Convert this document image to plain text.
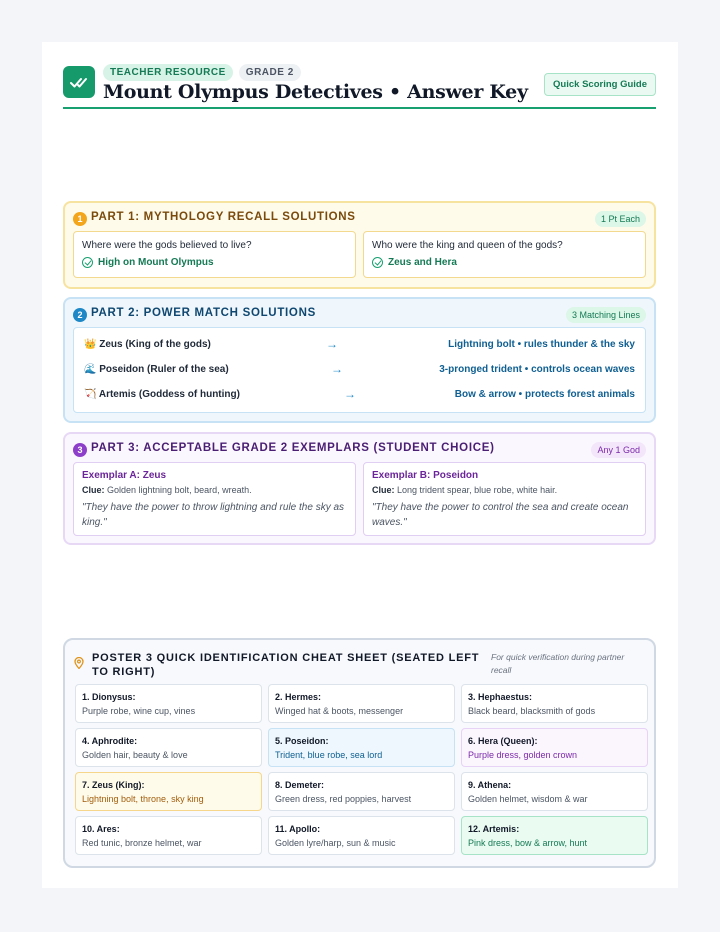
TEACHER RESOURCE	GRADE 2
Mount Olympus Detectives • Answer Key	Quick Scoring Guide
1 PART 1: MYTHOLOGY RECALL SOLUTIONS	1 Pt Each
Where were the gods believed to live?
High on Mount Olympus
Who were the king and queen of the gods?
Zeus and Hera
2 PART 2: POWER MATCH SOLUTIONS	3 Matching Lines
👑 Zeus (King of the gods)	→	Lightning bolt • rules thunder & the sky
🌊 Poseidon (Ruler of the sea)	→	3-pronged trident • controls ocean waves
🏹 Artemis (Goddess of hunting)	→	Bow & arrow • protects forest animals
3 PART 3: ACCEPTABLE GRADE 2 EXEMPLARS (STUDENT CHOICE)	Any 1 God
Exemplar A: Zeus
Clue: Golden lightning bolt, beard, wreath.
"They have the power to throw lightning and rule the sky as king."
Exemplar B: Poseidon
Clue: Long trident spear, blue robe, white hair.
"They have the power to control the sea and create ocean waves."
POSTER 3 QUICK IDENTIFICATION CHEAT SHEET (SEATED LEFT TO RIGHT)
For quick verification during partner recall
1. Dionysus:
Purple robe, wine cup, vines
2. Hermes:
Winged hat & boots, messenger
3. Hephaestus:
Black beard, blacksmith of gods
4. Aphrodite:
Golden hair, beauty & love
5. Poseidon:
Trident, blue robe, sea lord
6. Hera (Queen):
Purple dress, golden crown
7. Zeus (King):
Lightning bolt, throne, sky king
8. Demeter:
Green dress, red poppies, harvest
9. Athena:
Golden helmet, wisdom & war
10. Ares:
Red tunic, bronze helmet, war
11. Apollo:
Golden lyre/harp, sun & music
12. Artemis:
Pink dress, bow & arrow, hunt
